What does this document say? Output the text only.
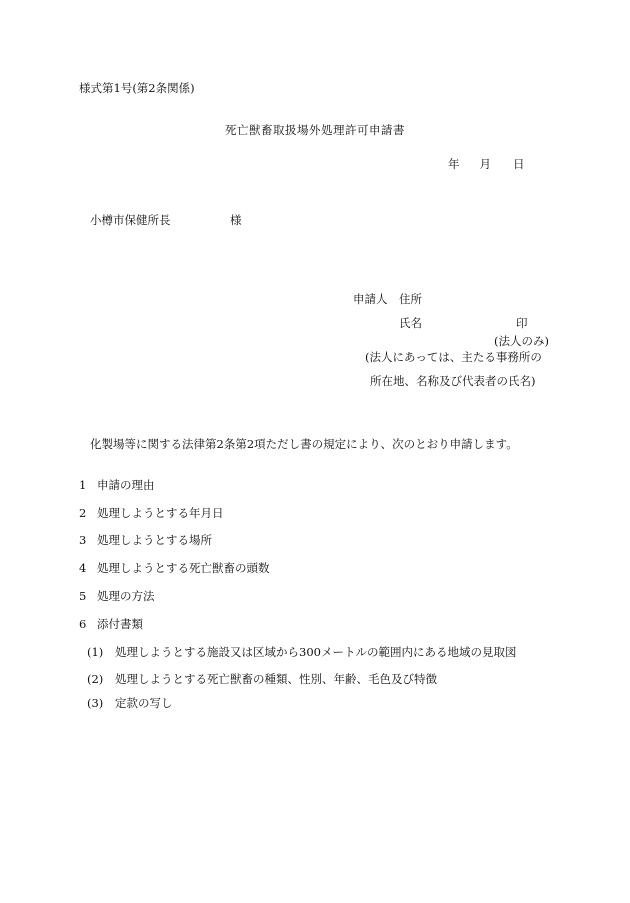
様式第1号(第2条関係)
死亡獣畜取扱場外処理許可申請書
年 月 日
小樽市保健所長	様
申請人 住所
氏名	印
(法人のみ)
(法人にあっては、主たる事務所の
所在地、名称及び代表者の氏名)
化製場等に関する法律第2条第2項ただし書の規定により、次のとおり申請します。
1 申請の理由
2 処理しようとする年月日
3 処理しようとする場所
4 処理しようとする死亡獣畜の頭数
5 処理の方法
6 添付書類
(1) 処理しようとする施設又は区域から300メートルの範囲内にある地域の見取図
(2) 処理しようとする死亡獣畜の種類、性別、年齢、毛色及び特徴
(3) 定款の写し
